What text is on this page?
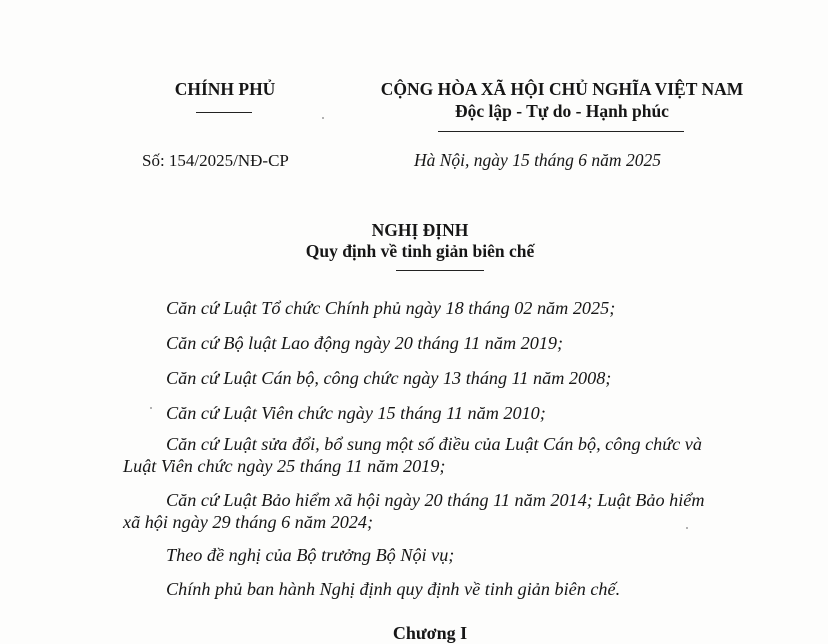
CHÍNH PHỦ
Số: 154/2025/NĐ-CP
CỘNG HÒA XÃ HỘI CHỦ NGHĨA VIỆT NAM
Độc lập - Tự do - Hạnh phúc
Hà Nội, ngày 15 tháng 6 năm 2025
NGHỊ ĐỊNH
Quy định về tinh giản biên chế
Căn cứ Luật Tổ chức Chính phủ ngày 18 tháng 02 năm 2025;
Căn cứ Bộ luật Lao động ngày 20 tháng 11 năm 2019;
Căn cứ Luật Cán bộ, công chức ngày 13 tháng 11 năm 2008;
Căn cứ Luật Viên chức ngày 15 tháng 11 năm 2010;
Căn cứ Luật sửa đổi, bổ sung một số điều của Luật Cán bộ, công chức và
Luật Viên chức ngày 25 tháng 11 năm 2019;
Căn cứ Luật Bảo hiểm xã hội ngày 20 tháng 11 năm 2014; Luật Bảo hiểm
xã hội ngày 29 tháng 6 năm 2024;
Theo đề nghị của Bộ trưởng Bộ Nội vụ;
Chính phủ ban hành Nghị định quy định về tinh giản biên chế.
Chương I
